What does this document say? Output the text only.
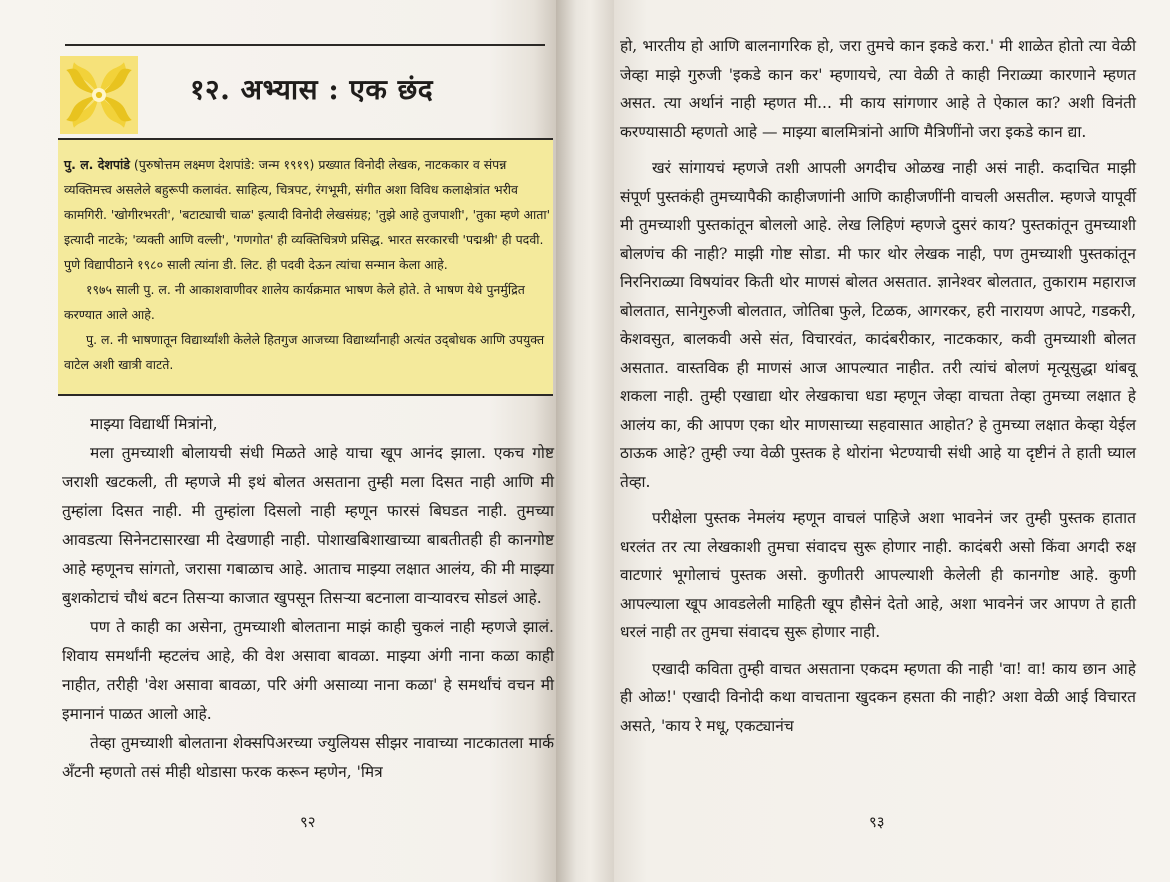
१२. अभ्यास : एक छंद

पु. ल. देशपांडे (पुरुषोत्तम लक्ष्मण देशपांडे: जन्म १९१९) प्रख्यात विनोदी लेखक, नाटककार व संपन्न व्यक्तिमत्त्व असलेले बहुरूपी कलावंत. साहित्य, चित्रपट, रंगभूमी, संगीत अशा विविध कलाक्षेत्रांत भरीव कामगिरी. 'खोगीरभरती', 'बटाट्याची चाळ' इत्यादी विनोदी लेखसंग्रह; 'तुझे आहे तुजपाशी', 'तुका म्हणे आता' इत्यादी नाटके; 'व्यक्ती आणि वल्ली', 'गणगोत' ही व्यक्तिचित्रणे प्रसिद्ध. भारत सरकारची 'पद्मश्री' ही पदवी. पुणे विद्यापीठाने १९८० साली त्यांना डी. लिट. ही पदवी देऊन त्यांचा सन्मान केला आहे.

१९७५ साली पु. ल. नी आकाशवाणीवर शालेय कार्यक्रमात भाषण केले होते. ते भाषण येथे पुनर्मुद्रित करण्यात आले आहे.

पु. ल. नी भाषणातून विद्यार्थ्यांशी केलेले हितगुज आजच्या विद्यार्थ्यांनाही अत्यंत उद्‌बोधक आणि उपयुक्त वाटेल अशी खात्री वाटते.

माझ्या विद्यार्थी मित्रांनो,

मला तुमच्याशी बोलायची संधी मिळते आहे याचा खूप आनंद झाला. एकच गोष्ट जराशी खटकली, ती म्हणजे मी इथं बोलत असताना तुम्ही मला दिसत नाही आणि मी तुम्हांला दिसत नाही. मी तुम्हांला दिसलो नाही म्हणून फारसं बिघडत नाही. तुमच्या आवडत्या सिनेनटासारखा मी देखणाही नाही. पोशाखबिशाखाच्या बाबतीतही ही कानगोष्ट आहे म्हणूनच सांगतो, जरासा गबाळाच आहे. आताच माझ्या लक्षात आलंय, की मी माझ्या बुशकोटाचं चौथं बटन तिसऱ्या काजात खुपसून तिसऱ्या बटनाला वाऱ्यावरच सोडलं आहे.

पण ते काही का असेना, तुमच्याशी बोलताना माझं काही चुकलं नाही म्हणजे झालं. शिवाय समर्थांनी म्हटलंच आहे, की वेश असावा बावळा. माझ्या अंगी नाना कळा काही नाहीत, तरीही 'वेश असावा बावळा, परि अंगी असाव्या नाना कळा' हे समर्थांचं वचन मी इमानानं पाळत आलो आहे.

तेव्हा तुमच्याशी बोलताना शेक्सपिअरच्या ज्युलियस सीझर नावाच्या नाटकातला मार्क अँटनी म्हणतो तसं मीही थोडासा फरक करून म्हणेन, 'मित्र

९२

हो, भारतीय हो आणि बालनागरिक हो, जरा तुमचे कान इकडे करा.' मी शाळेत होतो त्या वेळी जेव्हा माझे गुरुजी 'इकडे कान कर' म्हणायचे, त्या वेळी ते काही निराळ्या कारणाने म्हणत असत. त्या अर्थानं नाही म्हणत मी... मी काय सांगणार आहे ते ऐकाल का? अशी विनंती करण्यासाठी म्हणतो आहे — माझ्या बालमित्रांनो आणि मैत्रिणींनो जरा इकडे कान द्या.

खरं सांगायचं म्हणजे तशी आपली अगदीच ओळख नाही असं नाही. कदाचित माझी संपूर्ण पुस्तकंही तुमच्यापैकी काहीजणांनी आणि काहीजणींनी वाचली असतील. म्हणजे यापूर्वी मी तुमच्याशी पुस्तकांतून बोललो आहे. लेख लिहिणं म्हणजे दुसरं काय? पुस्तकांतून तुमच्याशी बोलणंच की नाही? माझी गोष्ट सोडा. मी फार थोर लेखक नाही, पण तुमच्याशी पुस्तकांतून निरनिराळ्या विषयांवर किती थोर माणसं बोलत असतात. ज्ञानेश्वर बोलतात, तुकाराम महाराज बोलतात, सानेगुरुजी बोलतात, जोतिबा फुले, टिळक, आगरकर, हरी नारायण आपटे, गडकरी, केशवसुत, बालकवी असे संत, विचारवंत, कादंबरीकार, नाटककार, कवी तुमच्याशी बोलत असतात. वास्तविक ही माणसं आज आपल्यात नाहीत. तरी त्यांचं बोलणं मृत्यूसुद्धा थांबवू शकला नाही. तुम्ही एखाद्या थोर लेखकाचा धडा म्हणून जेव्हा वाचता तेव्हा तुमच्या लक्षात हे आलंय का, की आपण एका थोर माणसाच्या सहवासात आहोत? हे तुमच्या लक्षात केव्हा येईल ठाऊक आहे? तुम्ही ज्या वेळी पुस्तक हे थोरांना भेटण्याची संधी आहे या दृष्टीनं ते हाती घ्याल तेव्हा.

परीक्षेला पुस्तक नेमलंय म्हणून वाचलं पाहिजे अशा भावनेनं जर तुम्ही पुस्तक हातात धरलंत तर त्या लेखकाशी तुमचा संवादच सुरू होणार नाही. कादंबरी असो किंवा अगदी रुक्ष वाटणारं भूगोलाचं पुस्तक असो. कुणीतरी आपल्याशी केलेली ही कानगोष्ट आहे. कुणी आपल्याला खूप आवडलेली माहिती खूप हौसेनं देतो आहे, अशा भावनेनं जर आपण ते हाती धरलं नाही तर तुमचा संवादच सुरू होणार नाही.

एखादी कविता तुम्ही वाचत असताना एकदम म्हणता की नाही 'वा! वा! काय छान आहे ही ओळ!' एखादी विनोदी कथा वाचताना खुदकन हसता की नाही? अशा वेळी आई विचारत असते, 'काय रे मधू, एकट्यानंच

९३
